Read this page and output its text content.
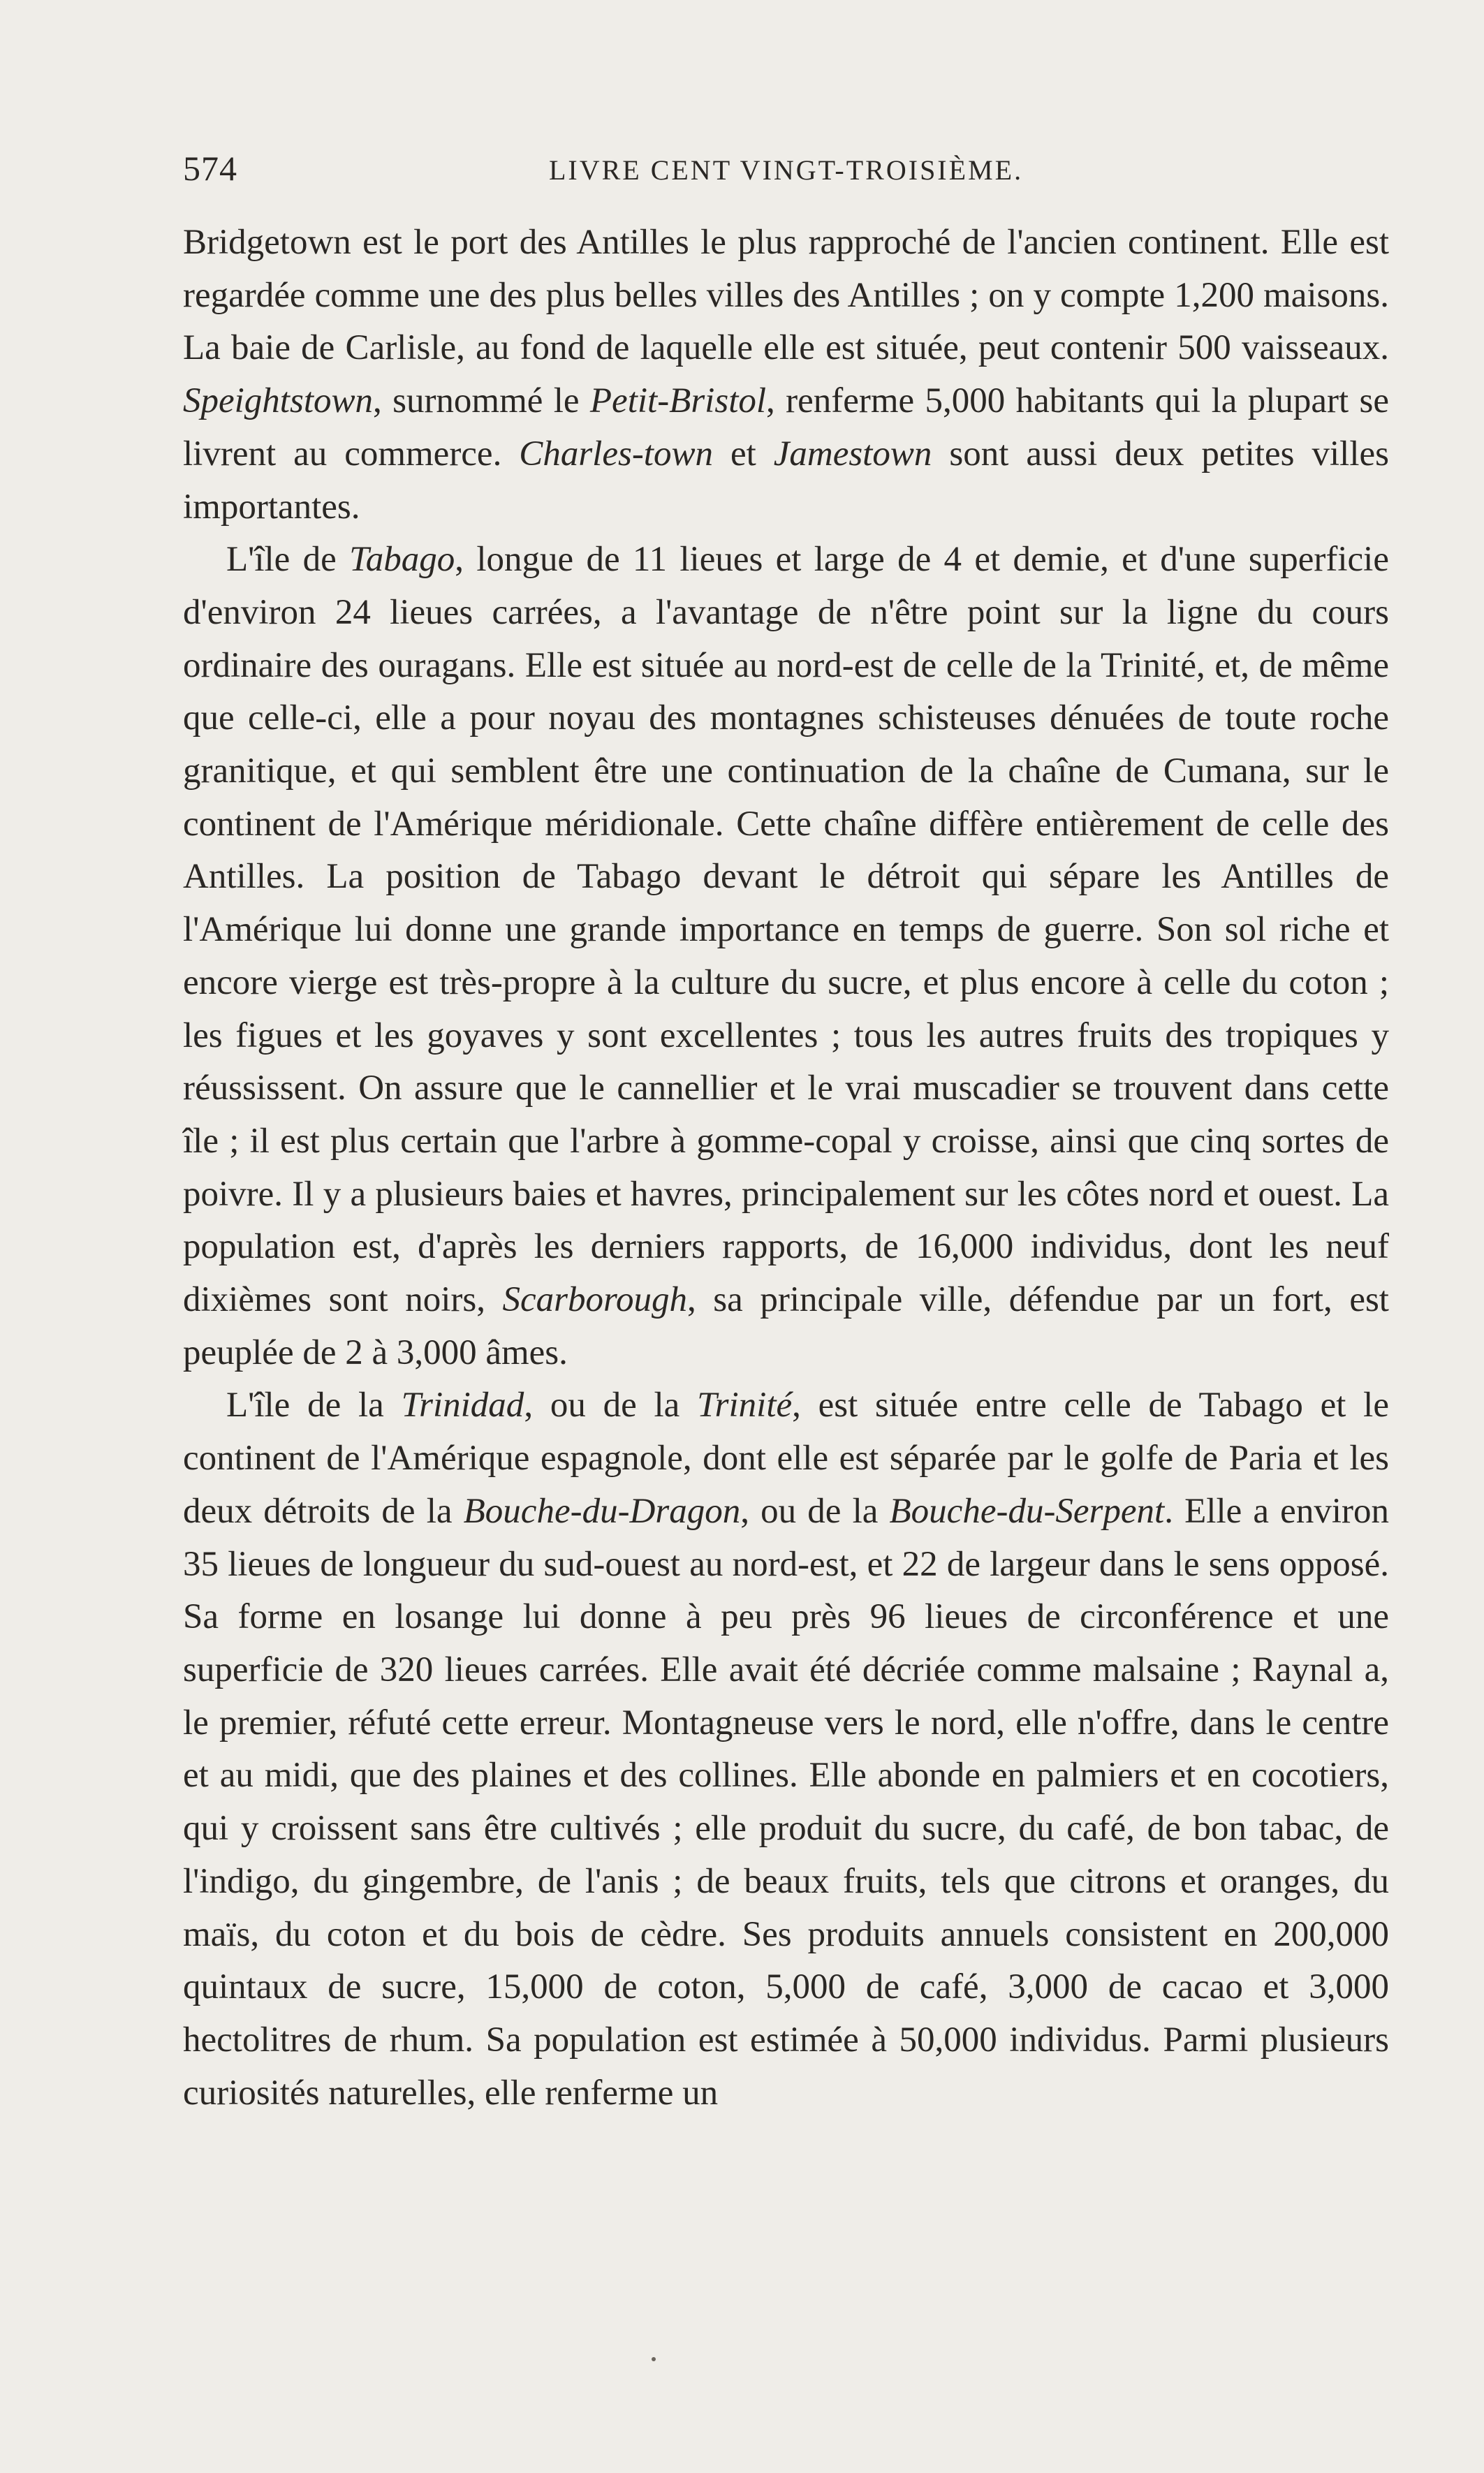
574	LIVRE CENT VINGT-TROISIÈME.

Bridgetown est le port des Antilles le plus rapproché de l'ancien continent. Elle est regardée comme une des plus belles villes des Antilles ; on y compte 1,200 maisons. La baie de Carlisle, au fond de laquelle elle est située, peut contenir 500 vaisseaux. Speightstown, surnommé le Petit-Bristol, renferme 5,000 habitants qui la plupart se livrent au commerce. Charles-town et Jamestown sont aussi deux petites villes importantes.

L'île de Tabago, longue de 11 lieues et large de 4 et demie, et d'une superficie d'environ 24 lieues carrées, a l'avantage de n'être point sur la ligne du cours ordinaire des ouragans. Elle est située au nord-est de celle de la Trinité, et, de même que celle-ci, elle a pour noyau des montagnes schisteuses dénuées de toute roche granitique, et qui semblent être une continuation de la chaîne de Cumana, sur le continent de l'Amérique méridionale. Cette chaîne diffère entièrement de celle des Antilles. La position de Tabago devant le détroit qui sépare les Antilles de l'Amérique lui donne une grande importance en temps de guerre. Son sol riche et encore vierge est très-propre à la culture du sucre, et plus encore à celle du coton ; les figues et les goyaves y sont excellentes ; tous les autres fruits des tropiques y réussissent. On assure que le cannellier et le vrai muscadier se trouvent dans cette île ; il est plus certain que l'arbre à gomme-copal y croisse, ainsi que cinq sortes de poivre. Il y a plusieurs baies et havres, principalement sur les côtes nord et ouest. La population est, d'après les derniers rapports, de 16,000 individus, dont les neuf dixièmes sont noirs, Scarborough, sa principale ville, défendue par un fort, est peuplée de 2 à 3,000 âmes.

L'île de la Trinidad, ou de la Trinité, est située entre celle de Tabago et le continent de l'Amérique espagnole, dont elle est séparée par le golfe de Paria et les deux détroits de la Bouche-du-Dragon, ou de la Bouche-du-Serpent. Elle a environ 35 lieues de longueur du sud-ouest au nord-est, et 22 de largeur dans le sens opposé. Sa forme en losange lui donne à peu près 96 lieues de circonférence et une superficie de 320 lieues carrées. Elle avait été décriée comme malsaine ; Raynal a, le premier, réfuté cette erreur. Montagneuse vers le nord, elle n'offre, dans le centre et au midi, que des plaines et des collines. Elle abonde en palmiers et en cocotiers, qui y croissent sans être cultivés ; elle produit du sucre, du café, de bon tabac, de l'indigo, du gingembre, de l'anis ; de beaux fruits, tels que citrons et oranges, du maïs, du coton et du bois de cèdre. Ses produits annuels consistent en 200,000 quintaux de sucre, 15,000 de coton, 5,000 de café, 3,000 de cacao et 3,000 hectolitres de rhum. Sa population est estimée à 50,000 individus. Parmi plusieurs curiosités naturelles, elle renferme un
